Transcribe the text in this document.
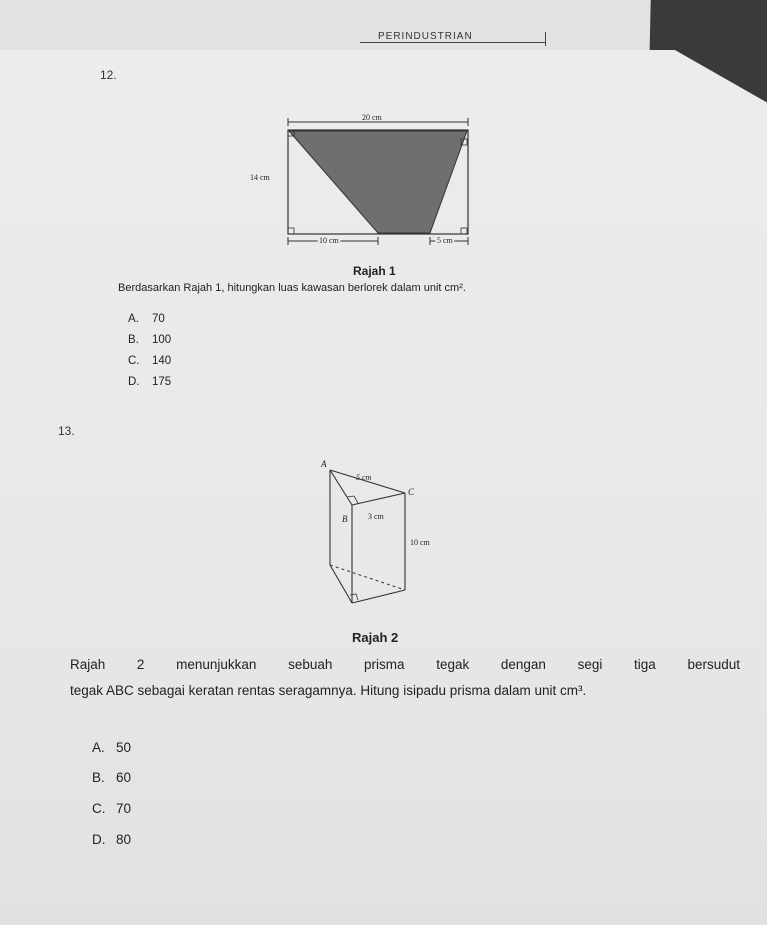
PERINDUSTRIAN
12.
20 cm
14 cm
10 cm	5 cm
Rajah 1
Berdasarkan Rajah 1, hitungkan luas kawasan berlorek dalam unit cm².
A. 70
B. 100
C. 140
D. 175
13.
A
B
C
5 cm
3 cm
10 cm
Rajah 2
Rajah 2 menunjukkan sebuah prisma tegak dengan segi tiga bersudut
tegak ABC sebagai keratan rentas seragamnya. Hitung isipadu prisma dalam unit cm³.
A. 50
B. 60
C. 70
D. 80
